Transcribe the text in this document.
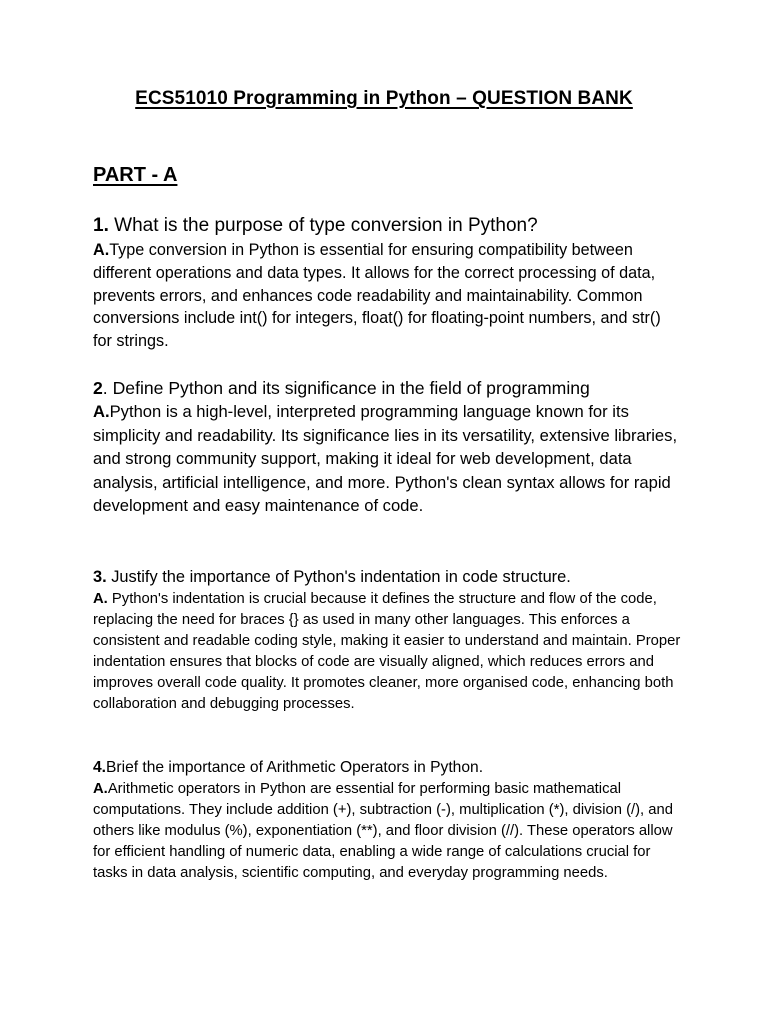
ECS51010 Programming in Python – QUESTION BANK
PART - A

1. What is the purpose of type conversion in Python?

A.Type conversion in Python is essential for ensuring compatibility between different operations and data types. It allows for the correct processing of data, prevents errors, and enhances code readability and maintainability. Common conversions include int() for integers, float() for floating-point numbers, and str() for strings.

2. Define Python and its significance in the field of programming

A.Python is a high-level, interpreted programming language known for its simplicity and readability. Its significance lies in its versatility, extensive libraries, and strong community support, making it ideal for web development, data analysis, artificial intelligence, and more. Python's clean syntax allows for rapid development and easy maintenance of code.

3. Justify the importance of Python's indentation in code structure.

A. Python's indentation is crucial because it defines the structure and flow of the code, replacing the need for braces {} as used in many other languages. This enforces a consistent and readable coding style, making it easier to understand and maintain. Proper indentation ensures that blocks of code are visually aligned, which reduces errors and improves overall code quality. It promotes cleaner, more organised code, enhancing both collaboration and debugging processes.

4.Brief the importance of Arithmetic Operators in Python.

A.Arithmetic operators in Python are essential for performing basic mathematical computations. They include addition (+), subtraction (-), multiplication (*), division (/), and others like modulus (%), exponentiation (**), and floor division (//). These operators allow for efficient handling of numeric data, enabling a wide range of calculations crucial for tasks in data analysis, scientific computing, and everyday programming needs.
